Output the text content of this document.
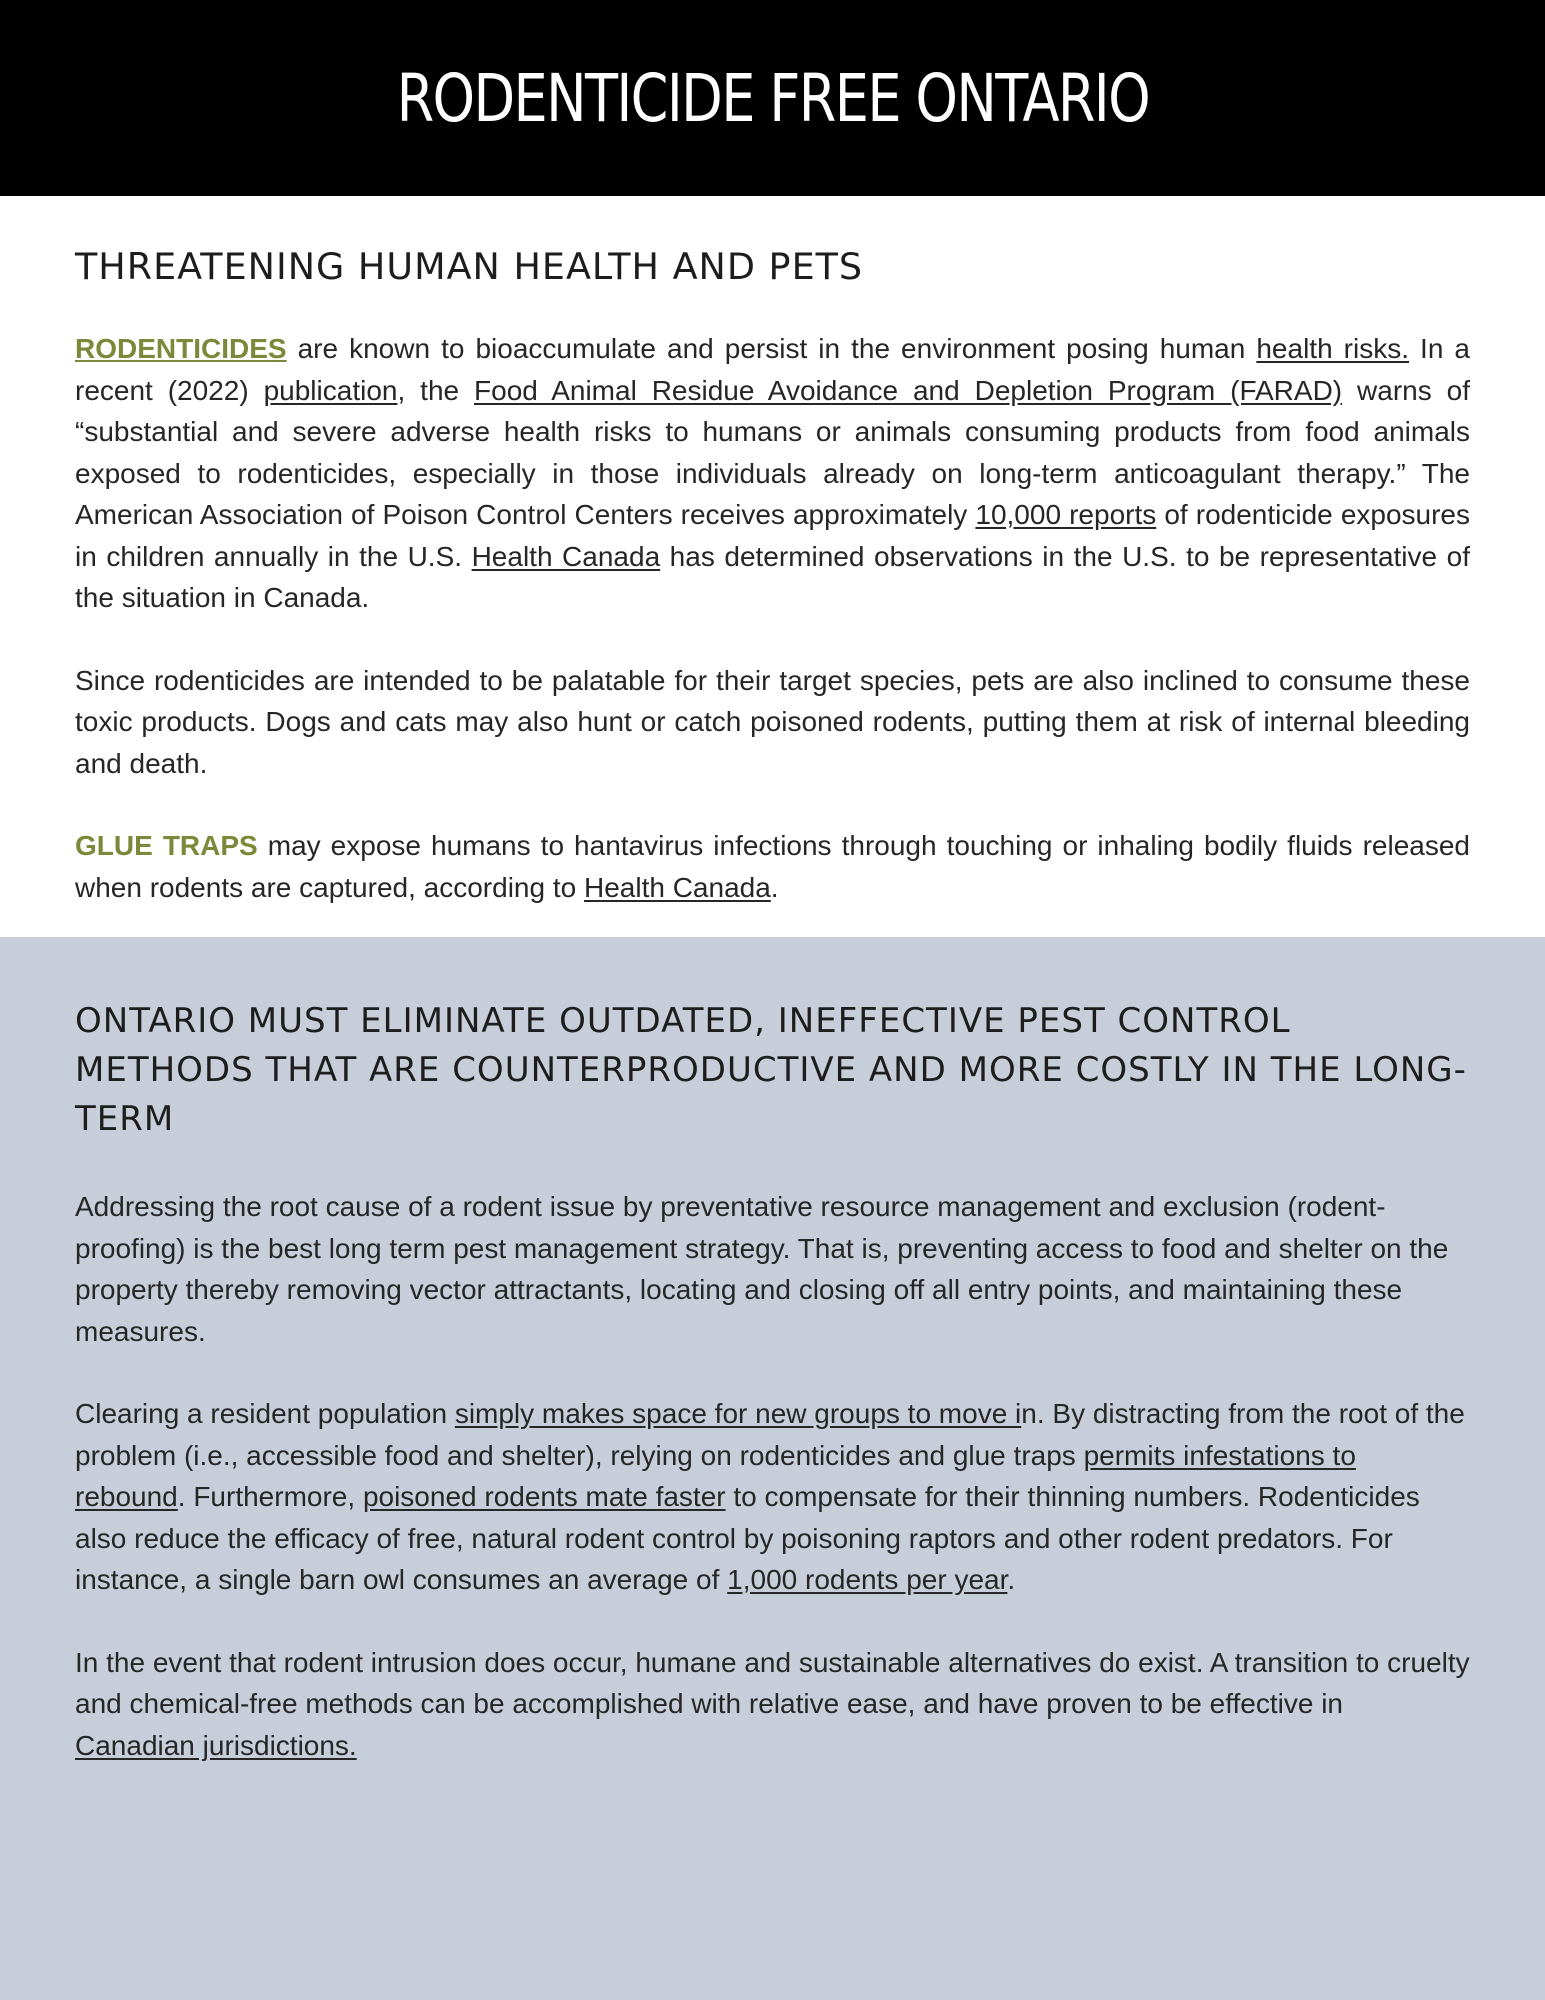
RODENTICIDE FREE ONTARIO
THREATENING HUMAN HEALTH AND PETS

RODENTICIDES are known to bioaccumulate and persist in the environment posing human health risks. In a recent (2022) publication, the Food Animal Residue Avoidance and Depletion Program (FARAD) warns of “substantial and severe adverse health risks to humans or animals consuming products from food animals exposed to rodenticides, especially in those individuals already on long-term anticoagulant therapy.” The American Association of Poison Control Centers receives approximately 10,000 reports of rodenticide exposures in children annually in the U.S. Health Canada has determined observations in the U.S. to be representative of the situation in Canada.

Since rodenticides are intended to be palatable for their target species, pets are also inclined to consume these toxic products. Dogs and cats may also hunt or catch poisoned rodents, putting them at risk of internal bleeding and death.

GLUE TRAPS may expose humans to hantavirus infections through touching or inhaling bodily fluids released when rodents are captured, according to Health Canada.

ONTARIO MUST ELIMINATE OUTDATED, INEFFECTIVE PEST CONTROL METHODS THAT ARE COUNTERPRODUCTIVE AND MORE COSTLY IN THE LONG-TERM

Addressing the root cause of a rodent issue by preventative resource management and exclusion (rodent-proofing) is the best long term pest management strategy. That is, preventing access to food and shelter on the property thereby removing vector attractants, locating and closing off all entry points, and maintaining these measures.

Clearing a resident population simply makes space for new groups to move in. By distracting from the root of the problem (i.e., accessible food and shelter), relying on rodenticides and glue traps permits infestations to rebound. Furthermore, poisoned rodents mate faster to compensate for their thinning numbers. Rodenticides also reduce the efficacy of free, natural rodent control by poisoning raptors and other rodent predators. For instance, a single barn owl consumes an average of 1,000 rodents per year.

In the event that rodent intrusion does occur, humane and sustainable alternatives do exist. A transition to cruelty and chemical-free methods can be accomplished with relative ease, and have proven to be effective in Canadian jurisdictions.
